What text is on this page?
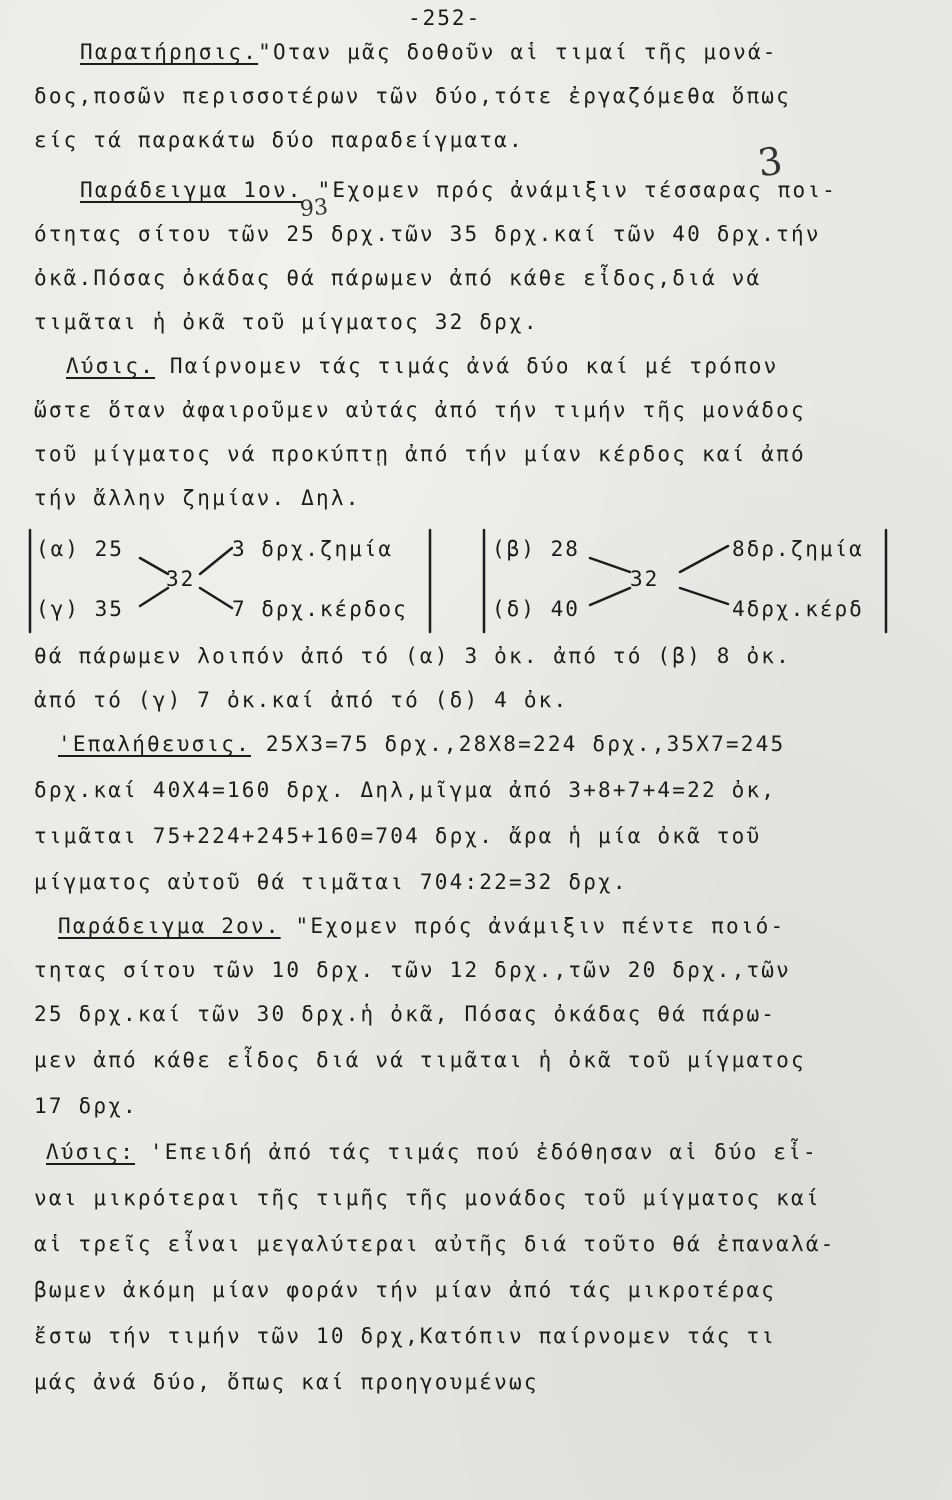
-252-
3
93
Παρατήρησις."Οταν μᾶς δοθοῦν αἱ τιμαί τῆς μονά-
δος,ποσῶν περισσοτέρων τῶν δύο,τότε ἐργαζόμεθα ὅπως
είς τά παρακάτω δύο παραδείγματα.
Παράδειγμα 1ον. "Εχομεν πρός ἀνάμιξιν τέσσαρας ποι-
ότητας σίτου τῶν 25 δρχ.τῶν 35 δρχ.καί τῶν 40 δρχ.τήν
ὀκᾶ.Πόσας ὀκάδας θά πάρωμεν ἀπό κάθε εἶδος,διά νά
τιμᾶται ἡ ὀκᾶ τοῦ μίγματος 32 δρχ.
Λύσις. Παίρνομεν τάς τιμάς ἀνά δύο καί μέ τρόπον
ὥστε ὅταν ἀφαιροῦμεν αὐτάς ἀπό τήν τιμήν τῆς μονάδος
τοῦ μίγματος νά προκύπτῃ ἀπό τήν μίαν κέρδος καί ἀπό
τήν ἄλλην ζημίαν. Δηλ.
(α) 25
(γ) 35
32
3 δρχ.ζημία
7 δρχ.κέρδος
(β) 28
(δ) 40
32
8δρ.ζημία
4δρχ.κέρδ
θά πάρωμεν λοιπόν ἀπό τό (α) 3 ὀκ. ἀπό τό (β) 8 ὀκ.
ἀπό τό (γ) 7 ὀκ.καί ἀπό τό (δ) 4 ὀκ.
'Επαλήθευσις. 25Χ3=75 δρχ.,28Χ8=224 δρχ.,35Χ7=245
δρχ.καί 40Χ4=160 δρχ. Δηλ,μῖγμα ἀπό 3+8+7+4=22 ὀκ,
τιμᾶται 75+224+245+160=704 δρχ. ἄρα ἡ μία ὀκᾶ τοῦ
μίγματος αὐτοῦ θά τιμᾶται 704:22=32 δρχ.
Παράδειγμα 2ον. "Εχομεν πρός ἀνάμιξιν πέντε ποιό-
τητας σίτου τῶν 10 δρχ. τῶν 12 δρχ.,τῶν 20 δρχ.,τῶν
25 δρχ.καί τῶν 30 δρχ.ἡ ὀκᾶ, Πόσας ὀκάδας θά πάρω-
μεν ἀπό κάθε εἶδος διά νά τιμᾶται ἡ ὀκᾶ τοῦ μίγματος
17 δρχ.
Λύσις: 'Επειδή ἀπό τάς τιμάς πού ἐδόθησαν αἱ δύο εἶ-
ναι μικρότεραι τῆς τιμῆς τῆς μονάδος τοῦ μίγματος καί
αἱ τρεῖς εἶναι μεγαλύτεραι αὐτῆς διά τοῦτο θά ἐπαναλά-
βωμεν ἀκόμη μίαν φοράν τήν μίαν ἀπό τάς μικροτέρας
ἔστω τήν τιμήν τῶν 10 δρχ,Κατόπιν παίρνομεν τάς τι
μάς ἀνά δύο, ὅπως καί προηγουμένως
